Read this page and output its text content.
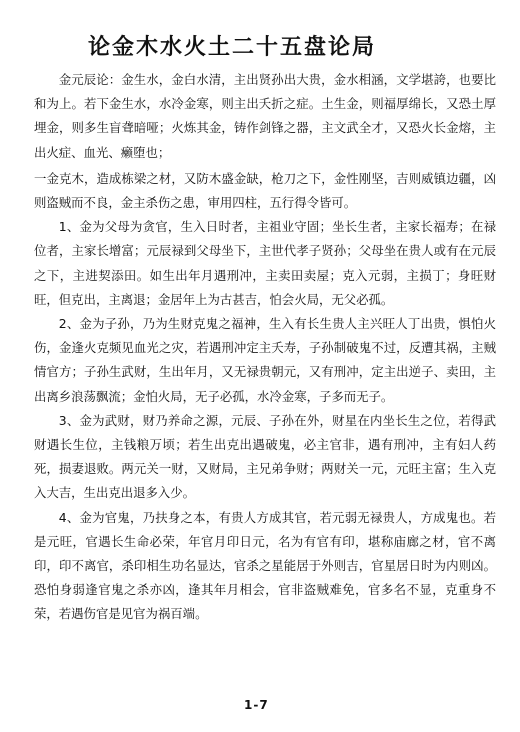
论金木水火土二十五盘论局

金元辰论：金生水，金白水清，主出贤孙出大贵，金水相涵，文学堪誇，也要比和为上。若下金生水，水冷金寒，则主出夭折之症。土生金，则福厚绵长，又恐土厚埋金，则多生盲聋暗哑；火炼其金，铸作剑锋之器，主文武全才，又恐火长金熔，主出火症、血光、癞堕也；

一金克木，造成栋梁之材，又防木盛金缺，枪刀之下，金性刚坚，吉则威镇边疆，凶则盗贼而不良，金主杀伤之患，审用四柱，五行得令皆可。

1、金为父母为贪官，生入日时者，主祖业守固；坐长生者，主家长福寿；在禄位者，主家长增富；元辰禄到父母坐下，主世代孝子贤孙；父母坐在贵人或有在元辰之下，主进契添田。如生出年月遇刑冲，主卖田卖屋；克入元弱，主损丁；身旺财旺，但克出，主离退；金居年上为古甚吉，怕会火局，无父必孤。

2、金为子孙，乃为生财克鬼之福神，生入有长生贵人主兴旺人丁出贵，惧怕火伤，金逢火克频见血光之灾，若遇刑冲定主夭寿，子孙制破鬼不过，反遭其祸，主贼情官方；子孙生武财，生出年月，又无禄贵朝元，又有刑冲，定主出逆子、卖田，主出离乡浪荡飘流；金怕火局，无子必孤，水冷金寒，子多而无子。

3、金为武财，财乃养命之源，元辰、子孙在外，财星在内坐长生之位，若得武财遇长生位，主钱粮万顷；若生出克出遇破鬼，必主官非，遇有刑冲，主有妇人药死，损妻退败。两元关一财，又财局，主兄弟争财；两财关一元，元旺主富；生入克入大吉，生出克出退多入少。

4、金为官鬼，乃扶身之本，有贵人方成其官，若元弱无禄贵人，方成鬼也。若是元旺，官遇长生命必荣，年官月印日元，名为有官有印，堪称庙廊之材，官不离印，印不离官，杀印相生功名显达，官杀之星能居于外则吉，官星居日时为内则凶。恐怕身弱逢官鬼之杀亦凶，逢其年月相会，官非盗贼难免，官多名不显，克重身不荣，若遇伤官是见官为祸百端。

1-7
